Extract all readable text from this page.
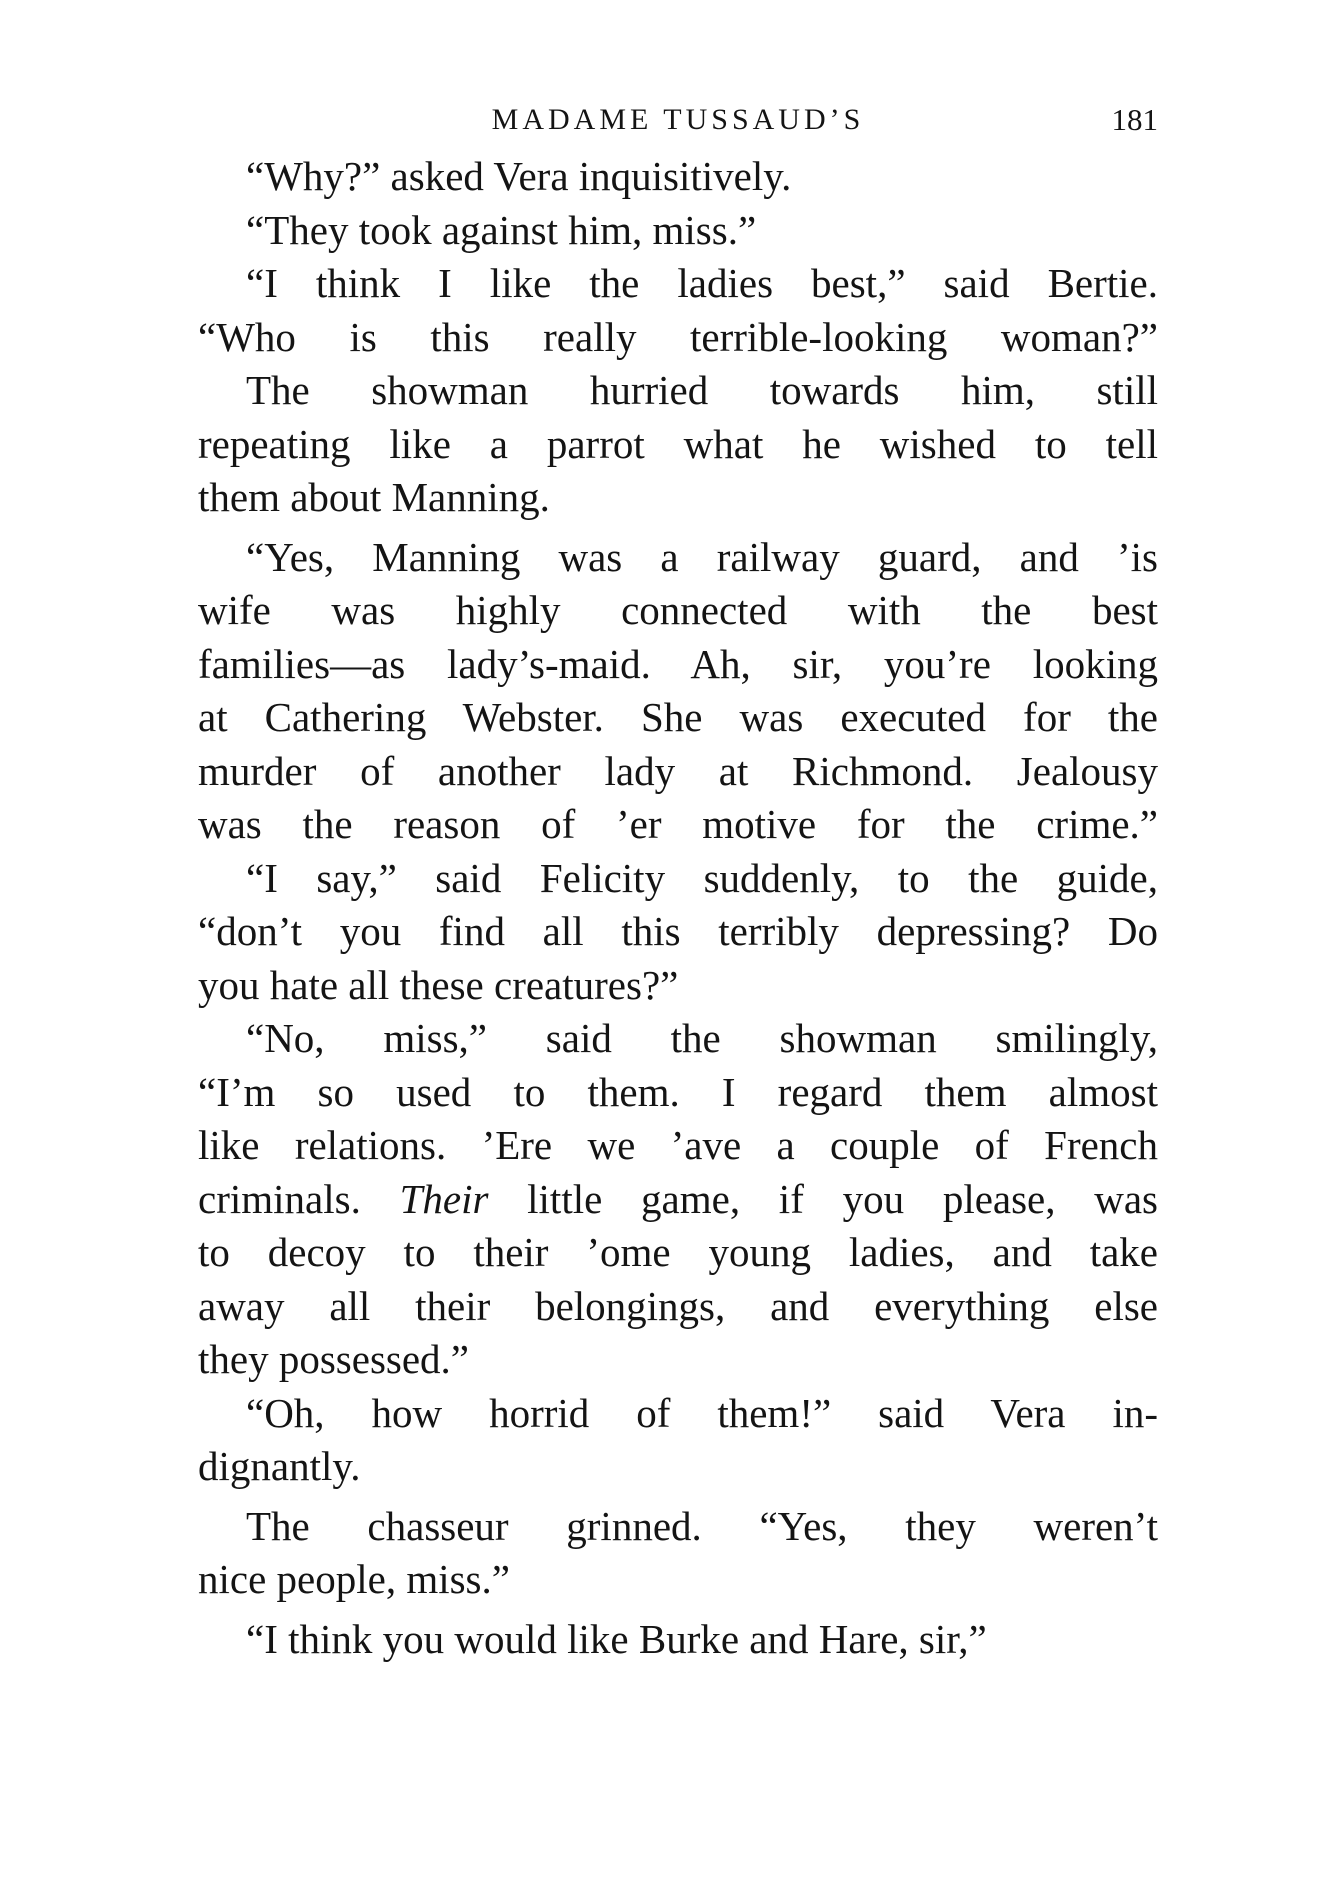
MADAME TUSSAUD’S	181

“Why?” asked Vera inquisitively.

“They took against him, miss.”

“I think I like the ladies best,” said Bertie.
“Who is this really terrible-looking woman?”

The showman hurried towards him, still
repeating like a parrot what he wished to tell
them about Manning.

“Yes, Manning was a railway guard, and ’is
wife was highly connected with the best
families—as lady’s-maid. Ah, sir, you’re looking
at Cathering Webster. She was executed for the
murder of another lady at Richmond. Jealousy
was the reason of ’er motive for the crime.”

“I say,” said Felicity suddenly, to the guide,
“don’t you find all this terribly depressing? Do
you hate all these creatures?”

“No, miss,” said the showman smilingly,
“I’m so used to them. I regard them almost
like relations. ’Ere we ’ave a couple of French
criminals. Their little game, if you please, was
to decoy to their ’ome young ladies, and take
away all their belongings, and everything else
they possessed.”

“Oh, how horrid of them!” said Vera in-
dignantly.

The chasseur grinned. “Yes, they weren’t
nice people, miss.”

“I think you would like Burke and Hare, sir,”
